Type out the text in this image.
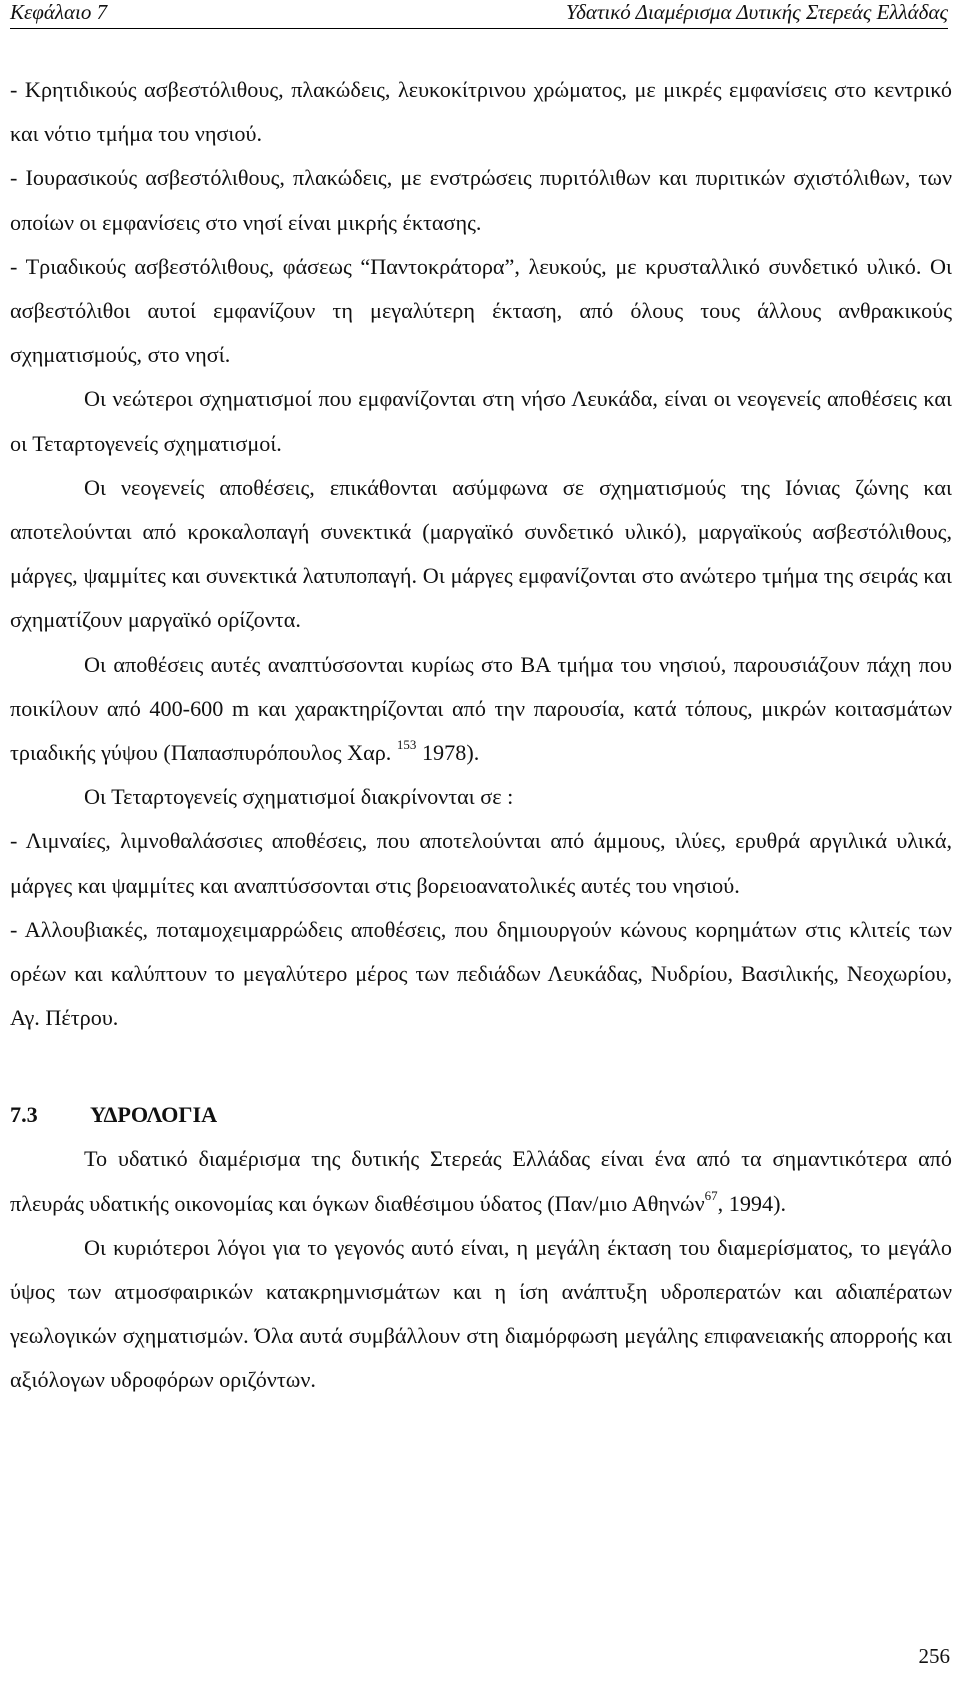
Κεφάλαιο 7	Υδατικό Διαμέρισμα Δυτικής Στερεάς Ελλάδας

- Κρητιδικούς ασβεστόλιθους, πλακώδεις, λευκοκίτρινου χρώματος, με μικρές εμφανίσεις στο κεντρικό και νότιο τμήμα του νησιού.

- Ιουρασικούς ασβεστόλιθους, πλακώδεις, με ενστρώσεις πυριτόλιθων και πυριτικών σχιστόλιθων, των οποίων οι εμφανίσεις στο νησί είναι μικρής έκτασης.

- Τριαδικούς ασβεστόλιθους, φάσεως “Παντοκράτορα”, λευκούς, με κρυσταλλικό συνδετικό υλικό. Οι ασβεστόλιθοι αυτοί εμφανίζουν τη μεγαλύτερη έκταση, από όλους τους άλλους ανθρακικούς σχηματισμούς, στο νησί.

Οι νεώτεροι σχηματισμοί που εμφανίζονται στη νήσο Λευκάδα, είναι οι νεογενείς αποθέσεις και οι Τεταρτογενείς σχηματισμοί.

Οι νεογενείς αποθέσεις, επικάθονται ασύμφωνα σε σχηματισμούς της Ιόνιας ζώνης και αποτελούνται από κροκαλοπαγή συνεκτικά (μαργαϊκό συνδετικό υλικό), μαργαϊκούς ασβεστόλιθους, μάργες, ψαμμίτες και συνεκτικά λατυποπαγή. Οι μάργες εμφανίζονται στο ανώτερο τμήμα της σειράς και σχηματίζουν μαργαϊκό ορίζοντα.

Οι αποθέσεις αυτές αναπτύσσονται κυρίως στο ΒΑ τμήμα του νησιού, παρουσιάζουν πάχη που ποικίλουν από 400-600 m και χαρακτηρίζονται από την παρουσία, κατά τόπους, μικρών κοιτασμάτων τριαδικής γύψου (Παπασπυρόπουλος Χαρ. $^{153}$ 1978).

Οι Τεταρτογενείς σχηματισμοί διακρίνονται σε :

- Λιμναίες, λιμνοθαλάσσιες αποθέσεις, που αποτελούνται από άμμους, ιλύες, ερυθρά αργιλικά υλικά, μάργες και ψαμμίτες και αναπτύσσονται στις βορειοανατολικές αυτές του νησιού.

- Αλλουβιακές, ποταμοχειμαρρώδεις αποθέσεις, που δημιουργούν κώνους κορημάτων στις κλιτείς των ορέων και καλύπτουν το μεγαλύτερο μέρος των πεδιάδων Λευκάδας, Νυδρίου, Βασιλικής, Νεοχωρίου, Αγ. Πέτρου.

7.3 ΥΔΡΟΛΟΓΙΑ

Το υδατικό διαμέρισμα της δυτικής Στερεάς Ελλάδας είναι ένα από τα σημαντικότερα από πλευράς υδατικής οικονομίας και όγκων διαθέσιμου ύδατος (Παν/μιο Αθηνών$^{67}$, 1994).

Οι κυριότεροι λόγοι για το γεγονός αυτό είναι, η μεγάλη έκταση του διαμερίσματος, το μεγάλο ύψος των ατμοσφαιρικών κατακρημνισμάτων και η ίση ανάπτυξη υδροπερατών και αδιαπέρατων γεωλογικών σχηματισμών. Όλα αυτά συμβάλλουν στη διαμόρφωση μεγάλης επιφανειακής απορροής και αξιόλογων υδροφόρων οριζόντων.

256
